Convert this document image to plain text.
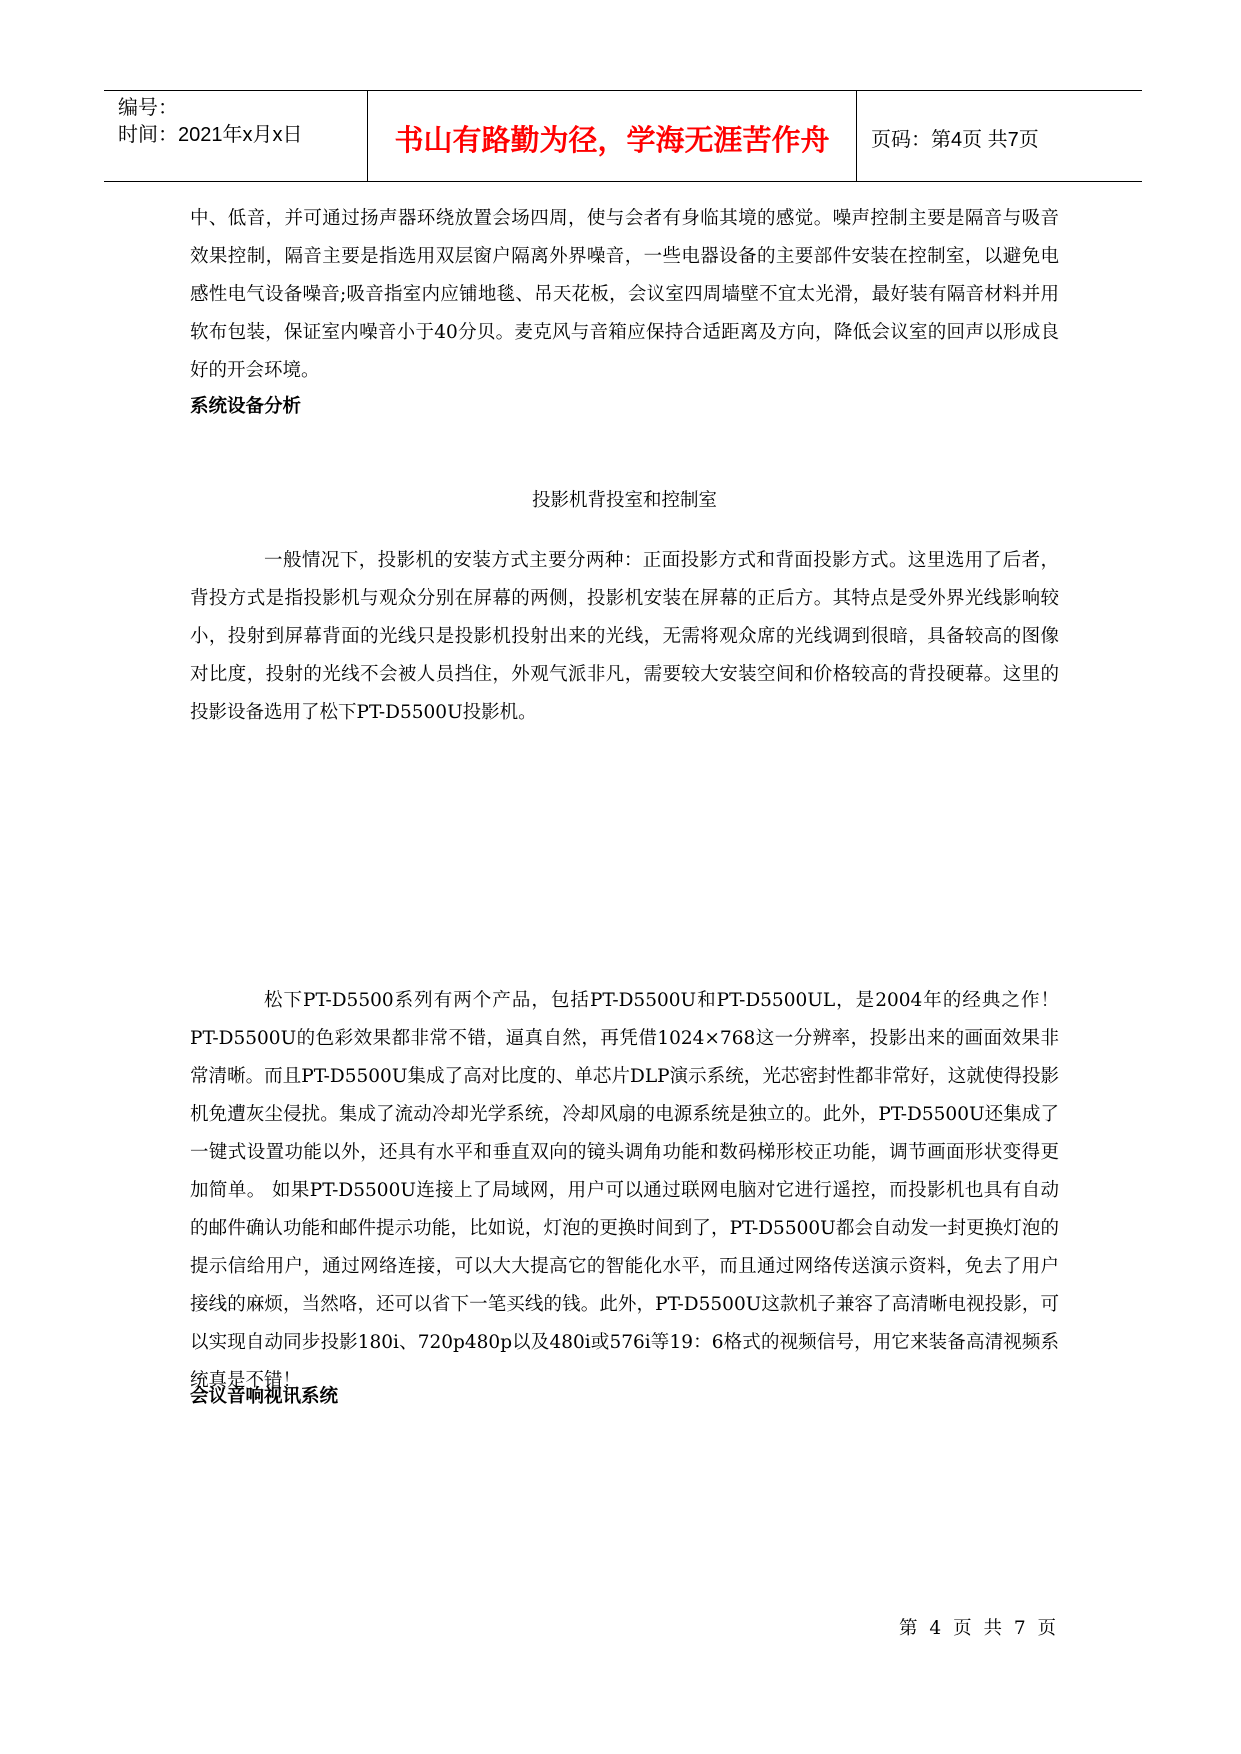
编号：
时间：2021年x月x日	书山有路勤为径，学海无涯苦作舟 页码：第4页 共7页

中、低音，并可通过扬声器环绕放置会场四周，使与会者有身临其境的感觉。噪声控制主要是隔音与吸音效果控制，隔音主要是指选用双层窗户隔离外界噪音，一些电器设备的主要部件安装在控制室，以避免电感性电气设备噪音;吸音指室内应铺地毯、吊天花板，会议室四周墙壁不宜太光滑，最好装有隔音材料并用软布包装，保证室内噪音小于40分贝。麦克风与音箱应保持合适距离及方向，降低会议室的回声以形成良好的开会环境。

系统设备分析

投影机背投室和控制室

一般情况下，投影机的安装方式主要分两种：正面投影方式和背面投影方式。这里选用了后者，背投方式是指投影机与观众分别在屏幕的两侧，投影机安装在屏幕的正后方。其特点是受外界光线影响较小，投射到屏幕背面的光线只是投影机投射出来的光线，无需将观众席的光线调到很暗，具备较高的图像对比度，投射的光线不会被人员挡住，外观气派非凡，需要较大安装空间和价格较高的背投硬幕。这里的投影设备选用了松下PT-D5500U投影机。

松下PT-D5500系列有两个产品，包括PT-D5500U和PT-D5500UL，是2004年的经典之作！PT-D5500U的色彩效果都非常不错，逼真自然，再凭借1024×768这一分辨率，投影出来的画面效果非常清晰。而且PT-D5500U集成了高对比度的、单芯片DLP演示系统，光芯密封性都非常好，这就使得投影机免遭灰尘侵扰。集成了流动冷却光学系统，冷却风扇的电源系统是独立的。此外，PT-D5500U还集成了一键式设置功能以外，还具有水平和垂直双向的镜头调角功能和数码梯形校正功能，调节画面形状变得更加简单。 如果PT-D5500U连接上了局域网，用户可以通过联网电脑对它进行遥控，而投影机也具有自动的邮件确认功能和邮件提示功能，比如说，灯泡的更换时间到了，PT-D5500U都会自动发一封更换灯泡的提示信给用户，通过网络连接，可以大大提高它的智能化水平，而且通过网络传送演示资料，免去了用户接线的麻烦，当然咯，还可以省下一笔买线的钱。此外，PT-D5500U这款机子兼容了高清晰电视投影，可以实现自动同步投影180i、720p480p以及480i或576i等19：6格式的视频信号，用它来装备高清视频系统真是不错！

会议音响视讯系统

第 4 页 共 7 页
